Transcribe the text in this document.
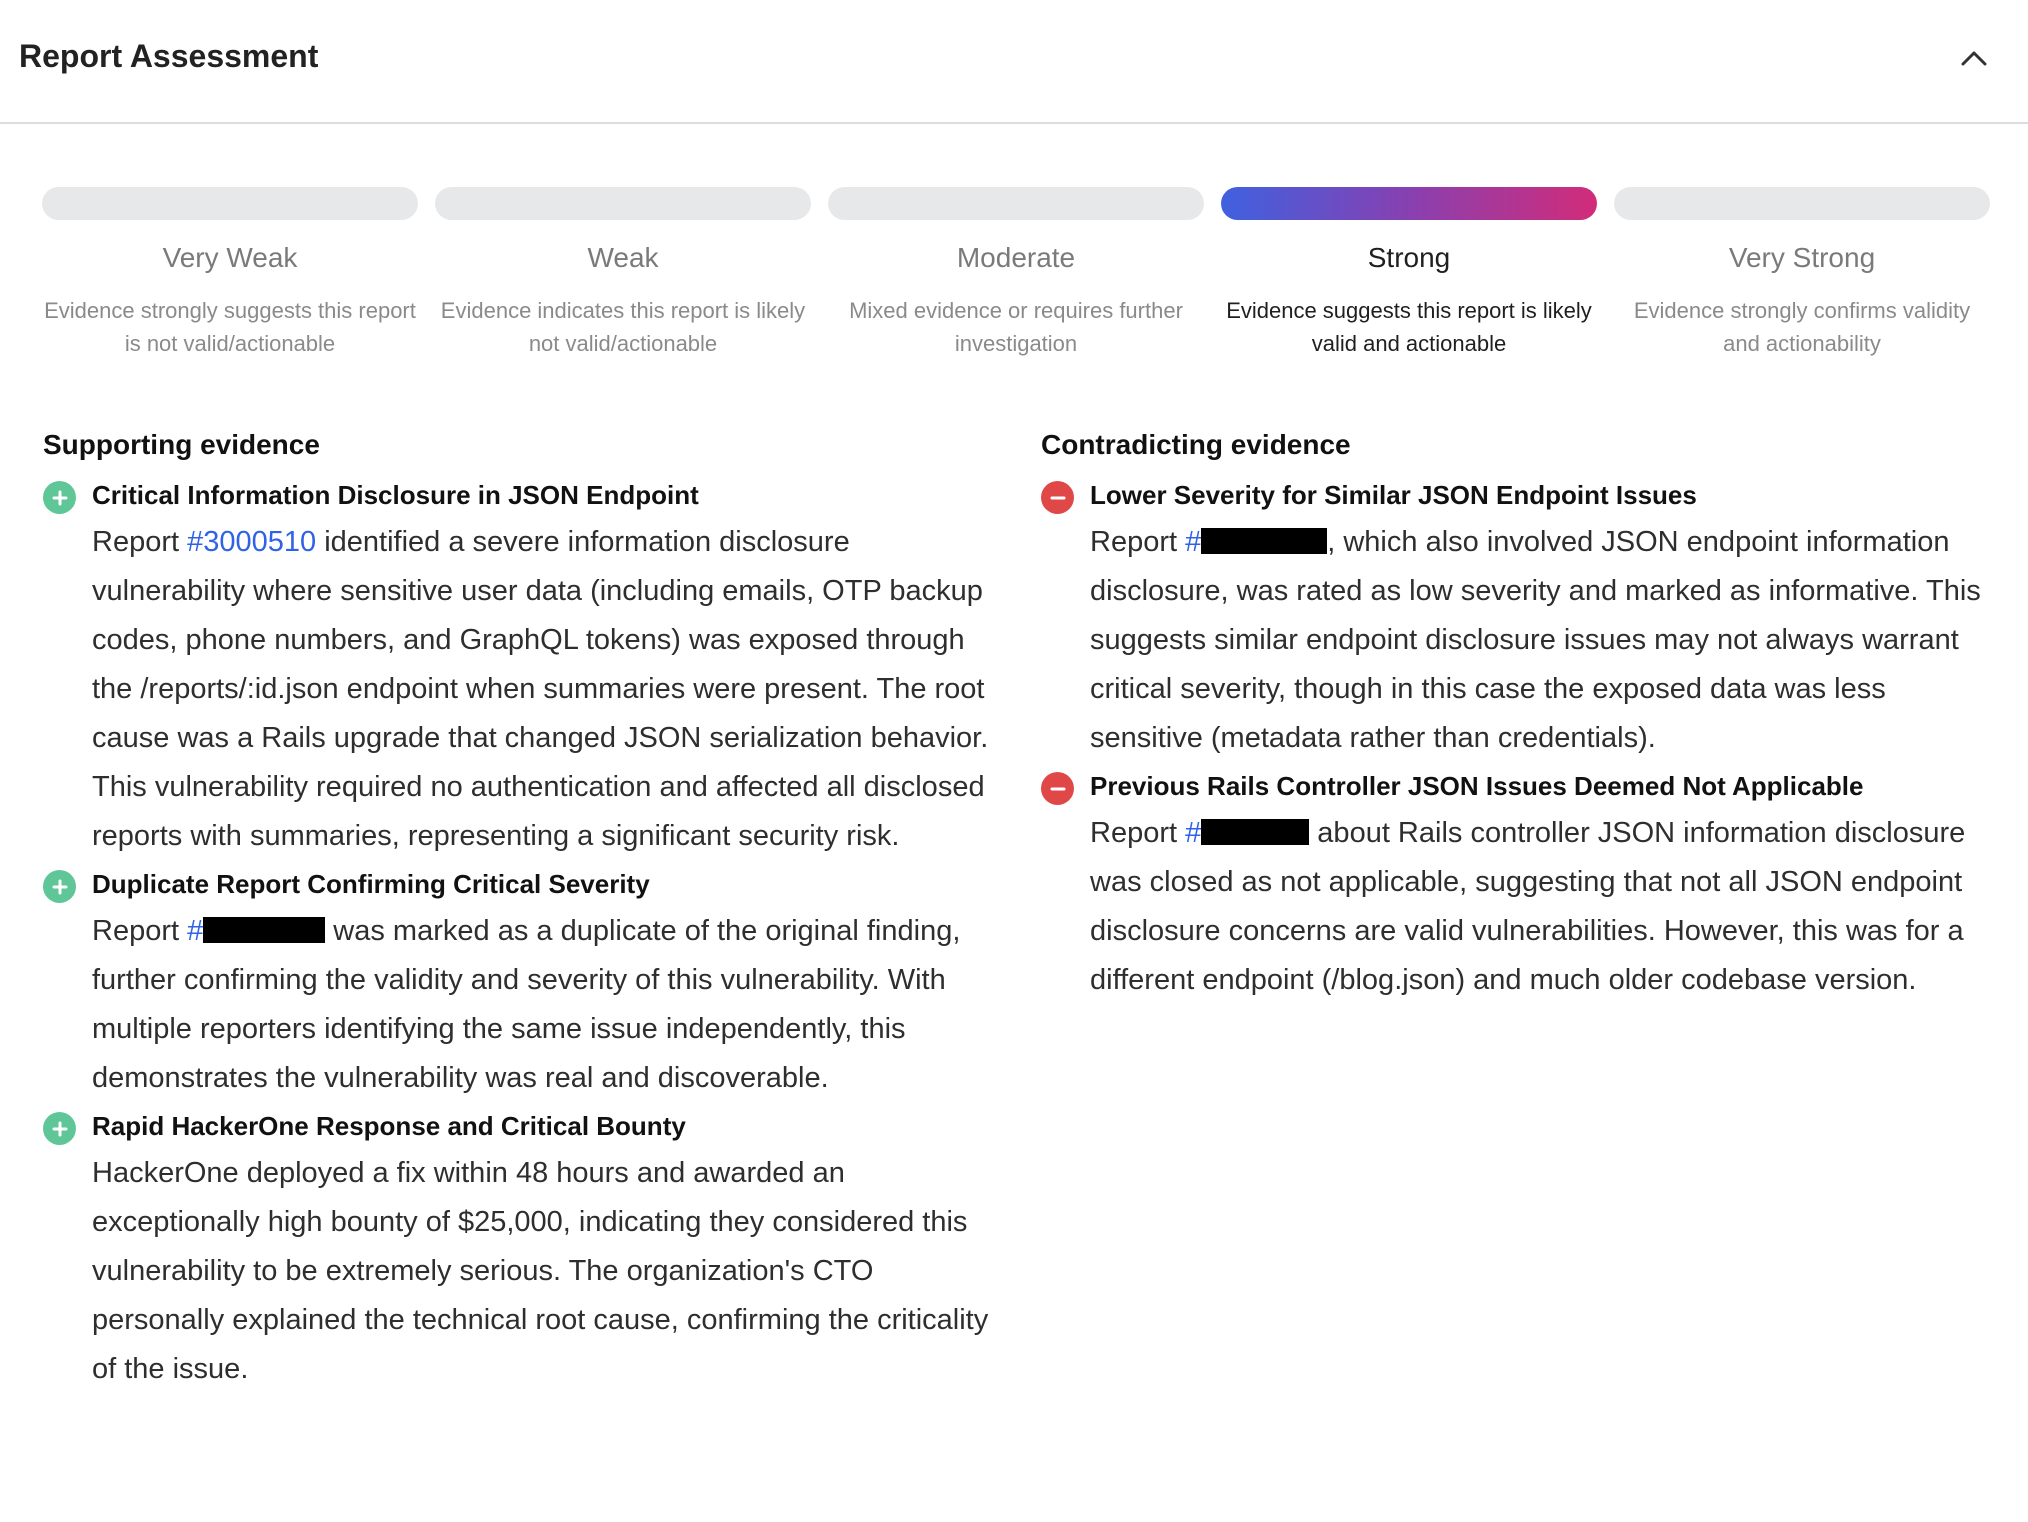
Report Assessment
Very Weak
Evidence strongly suggests this report is not valid/actionable
Weak
Evidence indicates this report is likely not valid/actionable
Moderate
Mixed evidence or requires further investigation
Strong
Evidence suggests this report is likely valid and actionable
Very Strong
Evidence strongly confirms validity and actionability
Supporting evidence
Critical Information Disclosure in JSON Endpoint
Report #3000510 identified a severe information disclosure vulnerability where sensitive user data (including emails, OTP backup codes, phone numbers, and GraphQL tokens) was exposed through the /reports/:id.json endpoint when summaries were present. The root cause was a Rails upgrade that changed JSON serialization behavior. This vulnerability required no authentication and affected all disclosed reports with summaries, representing a significant security risk.
Duplicate Report Confirming Critical Severity
Report #	was marked as a duplicate of the original finding, further confirming the validity and severity of this vulnerability. With multiple reporters identifying the same issue independently, this demonstrates the vulnerability was real and discoverable.
Rapid HackerOne Response and Critical Bounty
HackerOne deployed a fix within 48 hours and awarded an exceptionally high bounty of $25,000, indicating they considered this vulnerability to be extremely serious. The organization's CTO personally explained the technical root cause, confirming the criticality of the issue.
Contradicting evidence
Lower Severity for Similar JSON Endpoint Issues
Report #	, which also involved JSON endpoint information disclosure, was rated as low severity and marked as informative. This suggests similar endpoint disclosure issues may not always warrant critical severity, though in this case the exposed data was less sensitive (metadata rather than credentials).
Previous Rails Controller JSON Issues Deemed Not Applicable
Report #	about Rails controller JSON information disclosure was closed as not applicable, suggesting that not all JSON endpoint disclosure concerns are valid vulnerabilities. However, this was for a different endpoint (/blog.json) and much older codebase version.
